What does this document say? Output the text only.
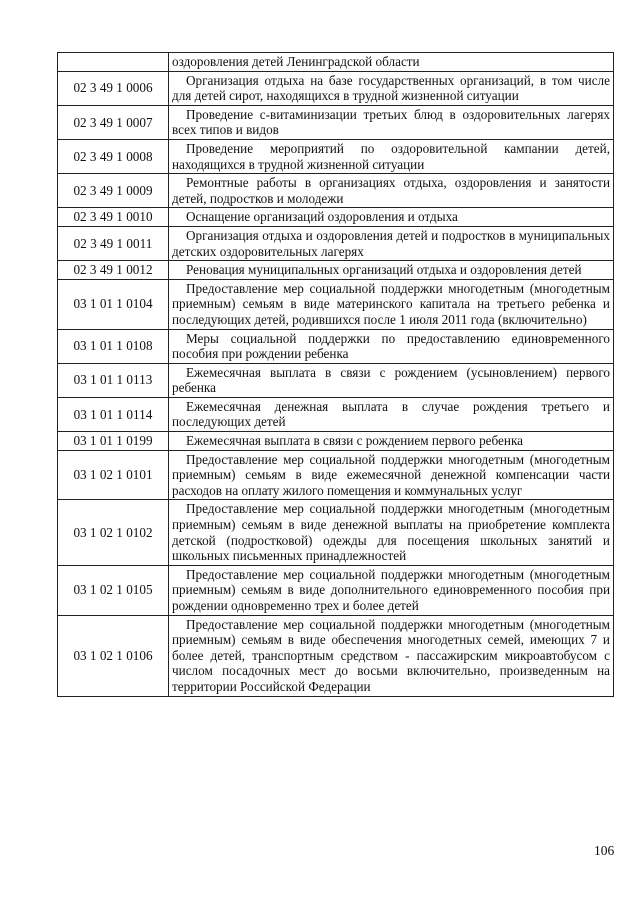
	оздоровления детей Ленинградской области
02 3 49 1 0006	Организация отдыха на базе государственных организаций, в том числе для детей сирот, находящихся в трудной жизненной ситуации
02 3 49 1 0007	Проведение с-витаминизации третьих блюд в оздоровительных лагерях всех типов и видов
02 3 49 1 0008	Проведение мероприятий по оздоровительной кампании детей, находящихся в трудной жизненной ситуации
02 3 49 1 0009	Ремонтные работы в организациях отдыха, оздоровления и занятости детей, подростков и молодежи
02 3 49 1 0010	Оснащение организаций оздоровления и отдыха
02 3 49 1 0011	Организация отдыха и оздоровления детей и подростков в муниципальных детских оздоровительных лагерях
02 3 49 1 0012	Реновация муниципальных организаций отдыха и оздоровления детей
03 1 01 1 0104	Предоставление мер социальной поддержки многодетным (многодетным приемным) семьям в виде материнского капитала на третьего ребенка и последующих детей, родившихся после 1 июля 2011 года (включительно)
03 1 01 1 0108	Меры социальной поддержки по предоставлению единовременного пособия при рождении ребенка
03 1 01 1 0113	Ежемесячная выплата в связи с рождением (усыновлением) первого ребенка
03 1 01 1 0114	Ежемесячная денежная выплата в случае рождения третьего и последующих детей
03 1 01 1 0199	Ежемесячная выплата в связи с рождением первого ребенка
03 1 02 1 0101	Предоставление мер социальной поддержки многодетным (многодетным приемным) семьям в виде ежемесячной денежной компенсации части расходов на оплату жилого помещения и коммунальных услуг
03 1 02 1 0102	Предоставление мер социальной поддержки многодетным (многодетным приемным) семьям в виде денежной выплаты на приобретение комплекта детской (подростковой) одежды для посещения школьных занятий и школьных письменных принадлежностей
03 1 02 1 0105	Предоставление мер социальной поддержки многодетным (многодетным приемным) семьям в виде дополнительного единовременного пособия при рождении одновременно трех и более детей
03 1 02 1 0106	Предоставление мер социальной поддержки многодетным (многодетным приемным) семьям в виде обеспечения многодетных семей, имеющих 7 и более детей, транспортным средством - пассажирским микроавтобусом с числом посадочных мест до восьми включительно, произведенным на территории Российской Федерации
106
